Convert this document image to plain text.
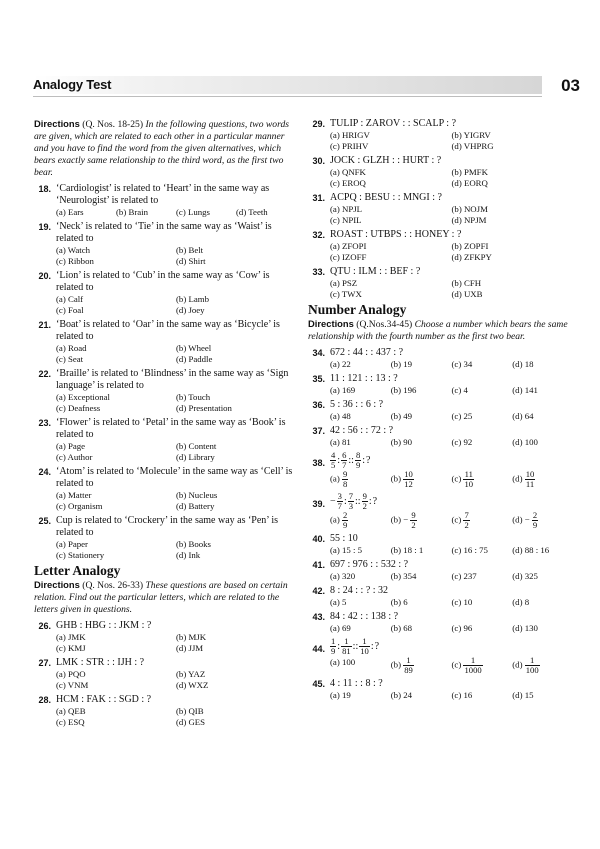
Analogy Test	03

Directions (Q. Nos. 18-25) In the following questions, two words are given, which are related to each other in a particular manner and you have to find the word from the given alternatives, which bears exactly same relationship to the third word, as the first two bear.

18. ‘Cardiologist’ is related to ‘Heart’ in the same way as ‘Neurologist’ is related to
(a) Ears	(b) Brain	(c) Lungs	(d) Teeth
19. ‘Neck’ is related to ‘Tie’ in the same way as ‘Waist’ is related to
(a) Watch	(b) Belt
(c) Ribbon	(d) Shirt
20. ‘Lion’ is related to ‘Cub’ in the same way as ‘Cow’ is related to
(a) Calf	(b) Lamb
(c) Foal	(d) Joey
21. ‘Boat’ is related to ‘Oar’ in the same way as ‘Bicycle’ is related to
(a) Road	(b) Wheel
(c) Seat	(d) Paddle
22. ‘Braille’ is related to ‘Blindness’ in the same way as ‘Sign language’ is related to
(a) Exceptional	(b) Touch
(c) Deafness	(d) Presentation
23. ‘Flower’ is related to ‘Petal’ in the same way as ‘Book’ is related to
(a) Page	(b) Content
(c) Author	(d) Library
24. ‘Atom’ is related to ‘Molecule’ in the same way as ‘Cell’ is related to
(a) Matter	(b) Nucleus
(c) Organism	(d) Battery
25. Cup is related to ‘Crockery’ in the same way as ‘Pen’ is related to
(a) Paper	(b) Books
(c) Stationery	(d) Ink
Letter Analogy

Directions (Q. Nos. 26-33) These questions are based on certain relation. Find out the particular letters, which are related to the letters given in questions.

26. GHB : HBG : : JKM : ?
(a) JMK	(b) MJK
(c) KMJ	(d) JJM
27. LMK : STR : : IJH : ?
(a) PQO	(b) YAZ
(c) VNM	(d) WXZ
28. HCM : FAK : : SGD : ?
(a) QEB	(b) QIB
(c) ESQ	(d) GES
29. TULIP : ZAROV : : SCALP : ?
(a) HRIGV	(b) YIGRV
(c) PRIHV	(d) VHPRG
30. JOCK : GLZH : : HURT : ?
(a) QNFK	(b) PMFK
(c) EROQ	(d) EORQ
31. ACPQ : BESU : : MNGI : ?
(a) NPJL	(b) NOJM
(c) NPIL	(d) NPJM
32. ROAST : UTBPS : : HONEY : ?
(a) ZFOPI	(b) ZOPFI
(c) IZOFF	(d) ZFKPY
33. QTU : ILM : : BEF : ?
(a) PSZ	(b) CFH
(c) TWX	(d) UXB
Number Analogy

Directions (Q.Nos.34-45) Choose a number which bears the same relationship with the fourth number as the first two bear.

34. 672 : 44 : : 437 : ?
(a) 22	(b) 19	(c) 34	(d) 18
35. 11 : 121 : : 13 : ?
(a) 169	(b) 196	(c) 4	(d) 141
36. 5 : 36 : : 6 : ?
(a) 48	(b) 49	(c) 25	(d) 64
37. 42 : 56 : : 72 : ?
(a) 81	(b) 90	(c) 92	(d) 100
38.
4
5 : 6
7 :: 8
9 : ?
$(a) \frac{9}{8}$	$(b) \frac{10}{12}$	$(c) \frac{11}{10}$	$(d) \frac{10}{11}$
39. − $\frac{3}{7}$ : 7
3 :: 9
2 : ?
$(a) \frac{2}{9}$	$(b) - \frac{9}{2}$	$(c) \frac{7}{2}$	$(d) - \frac{2}{9}$
40. 55 : 10
(a) 15 : 5	(b) 18 : 1	(c) 16 : 75	(d) 88 : 16
41. 697 : 976 : : 532 : ?
(a) 320	(b) 354	(c) 237	(d) 325
42. 8 : 24 : : ? : 32
(a) 5	(b) 6	(c) 10	(d) 8
43. 84 : 42 : : 138 : ?
(a) 69	(b) 68	(c) 96	(d) 130
44.
1
9 : 1
81 :: 1
10 : ?
(a) 100	$(b) \frac{1}{89}$	$(c) \frac{1}{1000}$	$(d) \frac{1}{100}$
45. 4 : 11 : : 8 : ?
(a) 19	(b) 24	(c) 16	(d) 15
